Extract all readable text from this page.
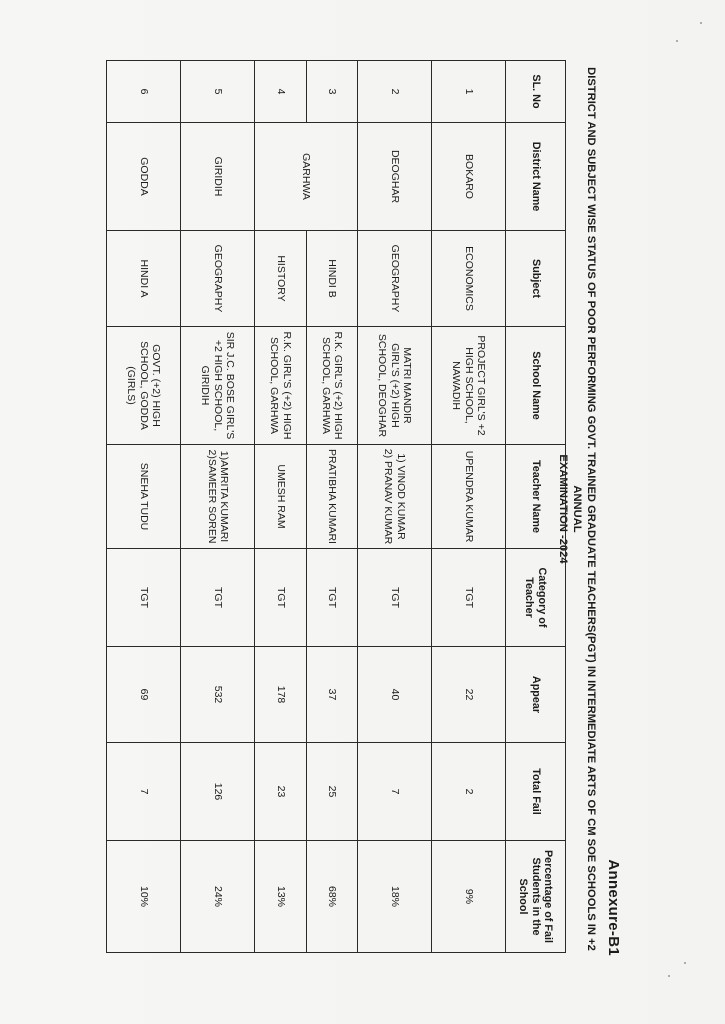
Annexure-B1
DISTRICT AND SUBJECT WISE STATUS OF POOR PERFORMING GOVT. TRAINED GRADUATE TEACHERS(PGT) IN INTERMEDIATE ARTS OF CM SOE SCHOOLS IN +2 ANNUAL
EXAMINATION -2024
SL. No	District Name	Subject	School Name	Teacher Name	Category of Teacher	Appear	Total Fail	Percentage of Fail Students in the School
1	BOKARO	ECONOMICS	PROJECT GIRL'S +2 HIGH SCHOOL, NAWADIH	UPENDRA KUMAR	TGT	22	2	9%
2	DEOGHAR	GEOGRAPHY	MATRI MANDIR GIRL'S (+2) HIGH SCHOOL, DEOGHAR	1) VINOD KUMAR 2) PRANAV KUMAR	TGT	40	7	18%
3	GARHWA	HINDI B	R.K. GIRL'S (+2) HIGH SCHOOL, GARHWA	PRATIBHA KUMARI	TGT	37	25	68%
4		HISTORY	R.K. GIRL'S (+2) HIGH SCHOOL, GARHWA	UMESH RAM	TGT	178	23	13%
5	GIRIDIH	GEOGRAPHY	SIR J.C. BOSE GIRL'S +2 HIGH SCHOOL, GIRIDIH	1)AMRITA KUMARI 2)SAMEER SOREN	TGT	532	126	24%
6	GODDA	HINDI A	GOVT. (+2) HIGH SCHOOL, GODDA (GIRLS)	SNEHA TUDU	TGT	69	7	10%
